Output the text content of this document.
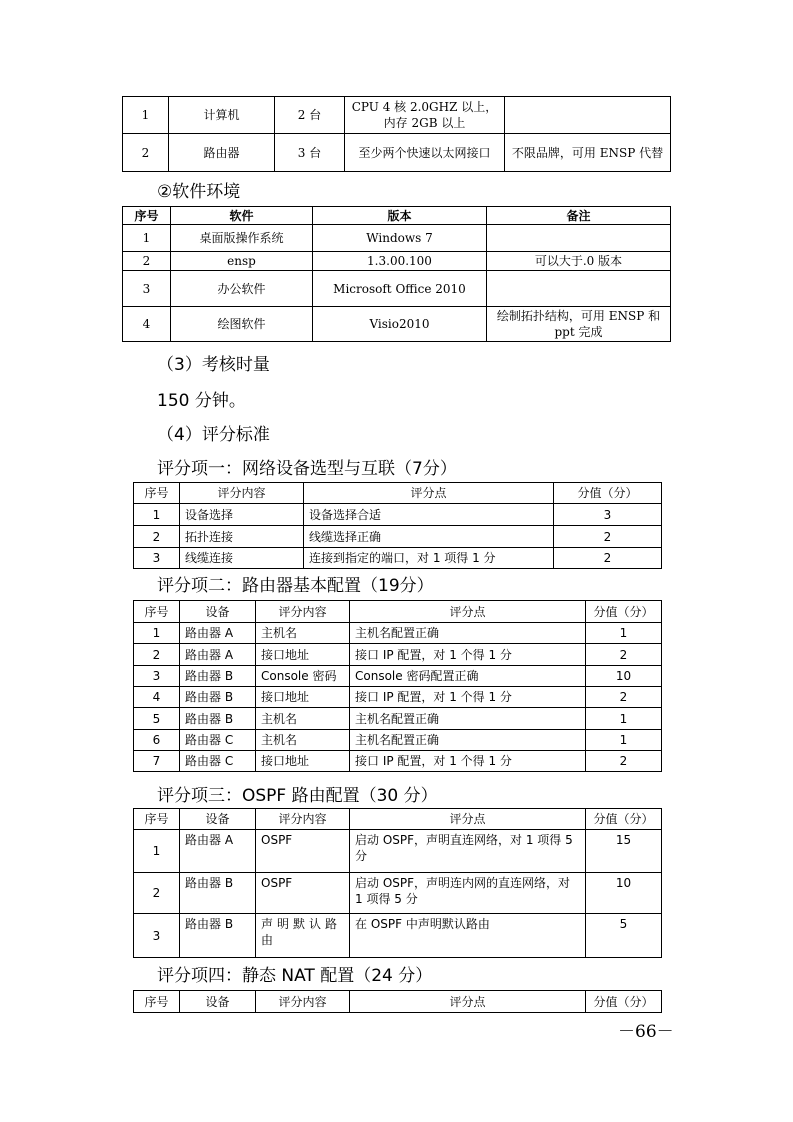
1	计算机	2 台	CPU 4 核 2.0GHZ 以上，内存 2GB 以上	
2	路由器	3 台	至少两个快速以太网接口	不限品牌，可用 ENSP 代替
②软件环境
序号	软件	版本	备注
1	桌面版操作系统	Windows 7	
2	ensp	1.3.00.100	可以大于.0 版本
3	办公软件	Microsoft Office 2010	
4	绘图软件	Visio2010	绘制拓扑结构，可用 ENSP 和 ppt 完成
（3）考核时量
150 分钟。
（4）评分标准
评分项一：网络设备选型与互联（7分）
序号	评分内容	评分点	分值（分）
1	设备选择	设备选择合适	3
2	拓扑连接	线缆选择正确	2
3	线缆连接	连接到指定的端口，对 1 项得 1 分	2
评分项二：路由器基本配置（19分）
序号	设备	评分内容	评分点	分值（分）
1	路由器 A	主机名	主机名配置正确	1
2	路由器 A	接口地址	接口 IP 配置，对 1 个得 1 分	2
3	路由器 B	Console 密码	Console 密码配置正确	10
4	路由器 B	接口地址	接口 IP 配置，对 1 个得 1 分	2
5	路由器 B	主机名	主机名配置正确	1
6	路由器 C	主机名	主机名配置正确	1
7	路由器 C	接口地址	接口 IP 配置，对 1 个得 1 分	2
评分项三：OSPF 路由配置（30 分）
序号	设备	评分内容	评分点	分值（分）
1	路由器 A	OSPF	启动 OSPF，声明直连网络，对 1 项得 5 分	15
2	路由器 B	OSPF	启动 OSPF，声明连内网的直连网络，对 1 项得 5 分	10
3	路由器 B	声明默认路由	在 OSPF 中声明默认路由	5
评分项四：静态 NAT 配置（24 分）
序号	设备	评分内容	评分点	分值（分）
－66－
